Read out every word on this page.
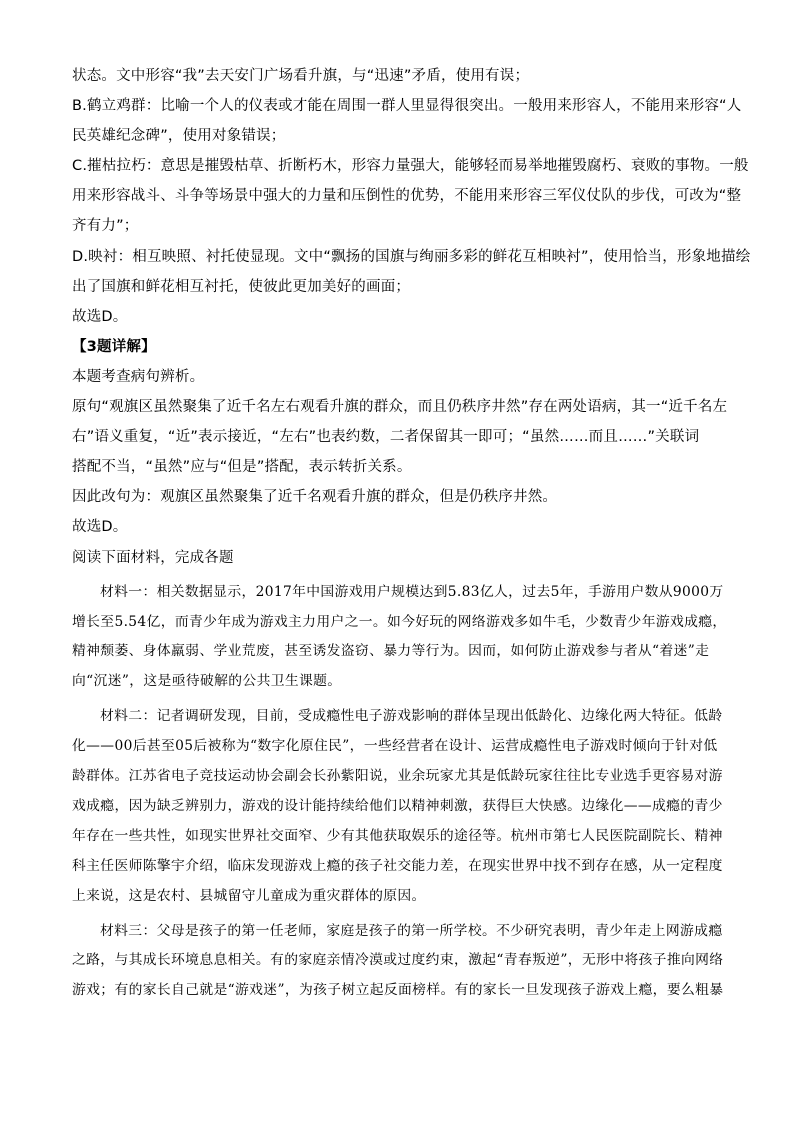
状态。文中形容“我”去天安门广场看升旗，与“迅速”矛盾，使用有误；
B.鹤立鸡群：比喻一个人的仪表或才能在周围一群人里显得很突出。一般用来形容人，不能用来形容“人
民英雄纪念碑”，使用对象错误；
C.摧枯拉朽：意思是摧毁枯草、折断朽木，形容力量强大，能够轻而易举地摧毁腐朽、衰败的事物。一般
用来形容战斗、斗争等场景中强大的力量和压倒性的优势，不能用来形容三军仪仗队的步伐，可改为“整
齐有力”；
D.映衬：相互映照、衬托使显现。文中“飘扬的国旗与绚丽多彩的鲜花互相映衬”，使用恰当，形象地描绘
出了国旗和鲜花相互衬托，使彼此更加美好的画面；
故选D。
【3题详解】
本题考查病句辨析。
原句“观旗区虽然聚集了近千名左右观看升旗的群众，而且仍秩序井然”存在两处语病，其一“近千名左
右”语义重复，“近”表示接近，“左右”也表约数，二者保留其一即可；“虽然……而且……”关联词
搭配不当，“虽然”应与“但是”搭配，表示转折关系。
因此改句为：观旗区虽然聚集了近千名观看升旗的群众，但是仍秩序井然。
故选D。
阅读下面材料，完成各题
材料一：相关数据显示，2017年中国游戏用户规模达到5.83亿人，过去5年，手游用户数从9000万
增长至5.54亿，而青少年成为游戏主力用户之一。如今好玩的网络游戏多如牛毛，少数青少年游戏成瘾，
精神颓萎、身体羸弱、学业荒废，甚至诱发盗窃、暴力等行为。因而，如何防止游戏参与者从“着迷”走
向“沉迷”，这是亟待破解的公共卫生课题。
材料二：记者调研发现，目前，受成瘾性电子游戏影响的群体呈现出低龄化、边缘化两大特征。低龄
化——00后甚至05后被称为“数字化原住民”，一些经营者在设计、运营成瘾性电子游戏时倾向于针对低
龄群体。江苏省电子竞技运动协会副会长孙紫阳说，业余玩家尤其是低龄玩家往往比专业选手更容易对游
戏成瘾，因为缺乏辨别力，游戏的设计能持续给他们以精神刺激，获得巨大快感。边缘化——成瘾的青少
年存在一些共性，如现实世界社交面窄、少有其他获取娱乐的途径等。杭州市第七人民医院副院长、精神
科主任医师陈擎宇介绍，临床发现游戏上瘾的孩子社交能力差，在现实世界中找不到存在感，从一定程度
上来说，这是农村、县城留守儿童成为重灾群体的原因。
材料三：父母是孩子的第一任老师，家庭是孩子的第一所学校。不少研究表明，青少年走上网游成瘾
之路，与其成长环境息息相关。有的家庭亲情冷漠或过度约束，激起“青春叛逆”，无形中将孩子推向网络
游戏；有的家长自己就是“游戏迷”，为孩子树立起反面榜样。有的家长一旦发现孩子游戏上瘾，要么粗暴
